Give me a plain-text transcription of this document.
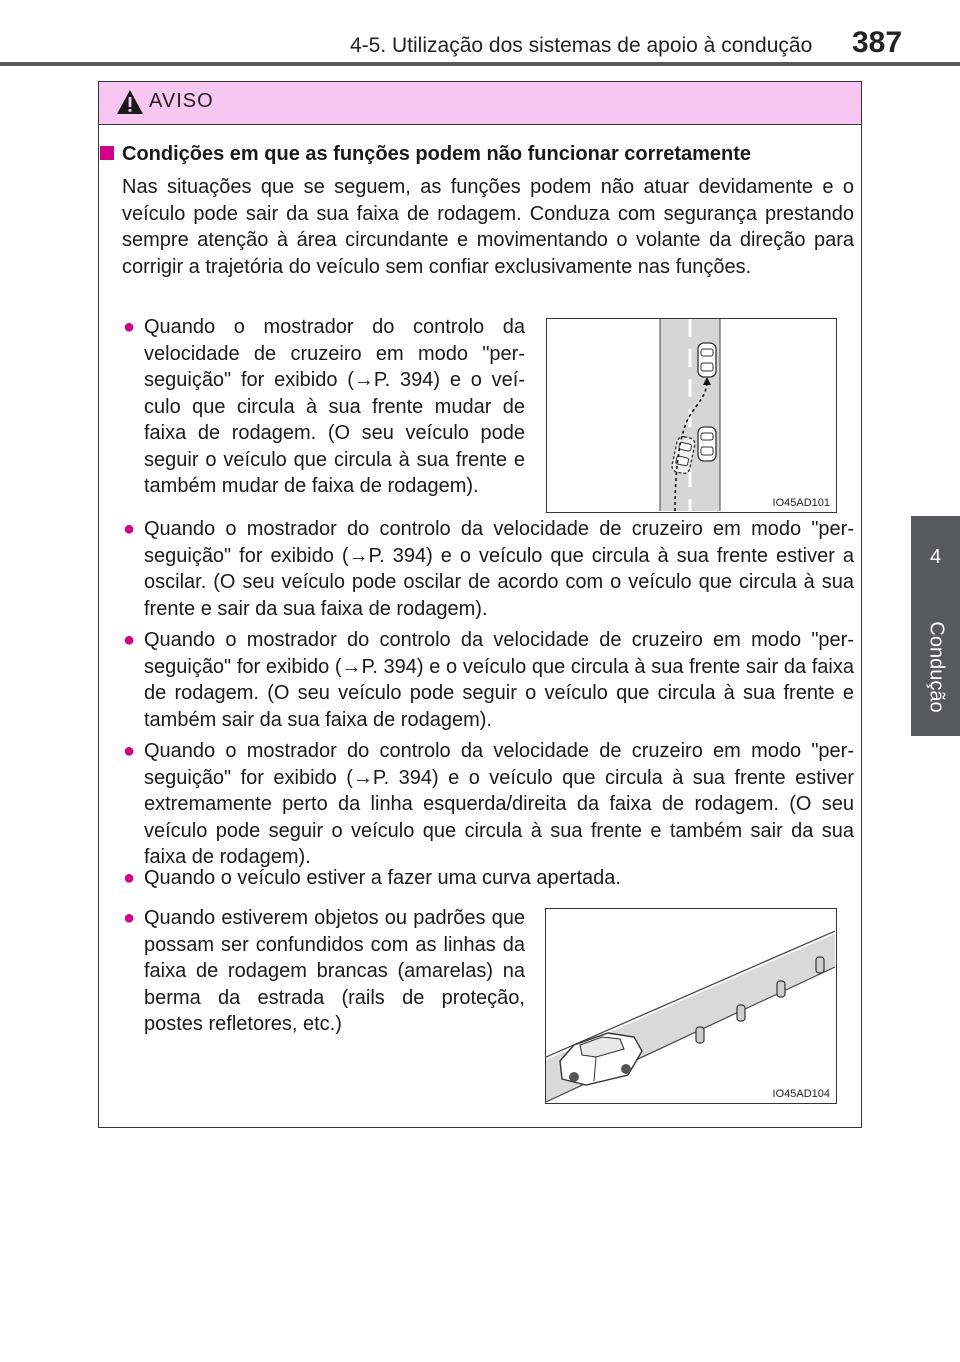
4-5. Utilização dos sistemas de apoio à condução 387
4
Condução
AVISO
Condições em que as funções podem não funcionar corretamente
Nas situações que se seguem, as funções podem não atuar devidamente e o veículo pode sair da sua faixa de rodagem. Conduza com segurança prestando sempre atenção à área circundante e movimentando o volante da direção para corrigir a trajetória do veículo sem confiar exclusivamente nas funções.
● Quando o mostrador do controlo da velocidade de cruzeiro em modo "per-seguição" for exibido (→P. 394) e o veí-culo que circula à sua frente mudar de faixa de rodagem. (O seu veículo pode seguir o veículo que circula à sua frente e também mudar de faixa de rodagem).
IO45AD101
● Quando o mostrador do controlo da velocidade de cruzeiro em modo "per-seguição" for exibido (→P. 394) e o veículo que circula à sua frente estiver a oscilar. (O seu veículo pode oscilar de acordo com o veículo que circula à sua frente e sair da sua faixa de rodagem).
● Quando o mostrador do controlo da velocidade de cruzeiro em modo "per-seguição" for exibido (→P. 394) e o veículo que circula à sua frente sair da faixa de rodagem. (O seu veículo pode seguir o veículo que circula à sua frente e também sair da sua faixa de rodagem).
● Quando o mostrador do controlo da velocidade de cruzeiro em modo "per-seguição" for exibido (→P. 394) e o veículo que circula à sua frente estiver extremamente perto da linha esquerda/direita da faixa de rodagem. (O seu veículo pode seguir o veículo que circula à sua frente e também sair da sua faixa de rodagem).
● Quando o veículo estiver a fazer uma curva apertada.
● Quando estiverem objetos ou padrões que possam ser confundidos com as linhas da faixa de rodagem brancas (amarelas) na berma da estrada (rails de proteção, postes refletores, etc.)
IO45AD104
